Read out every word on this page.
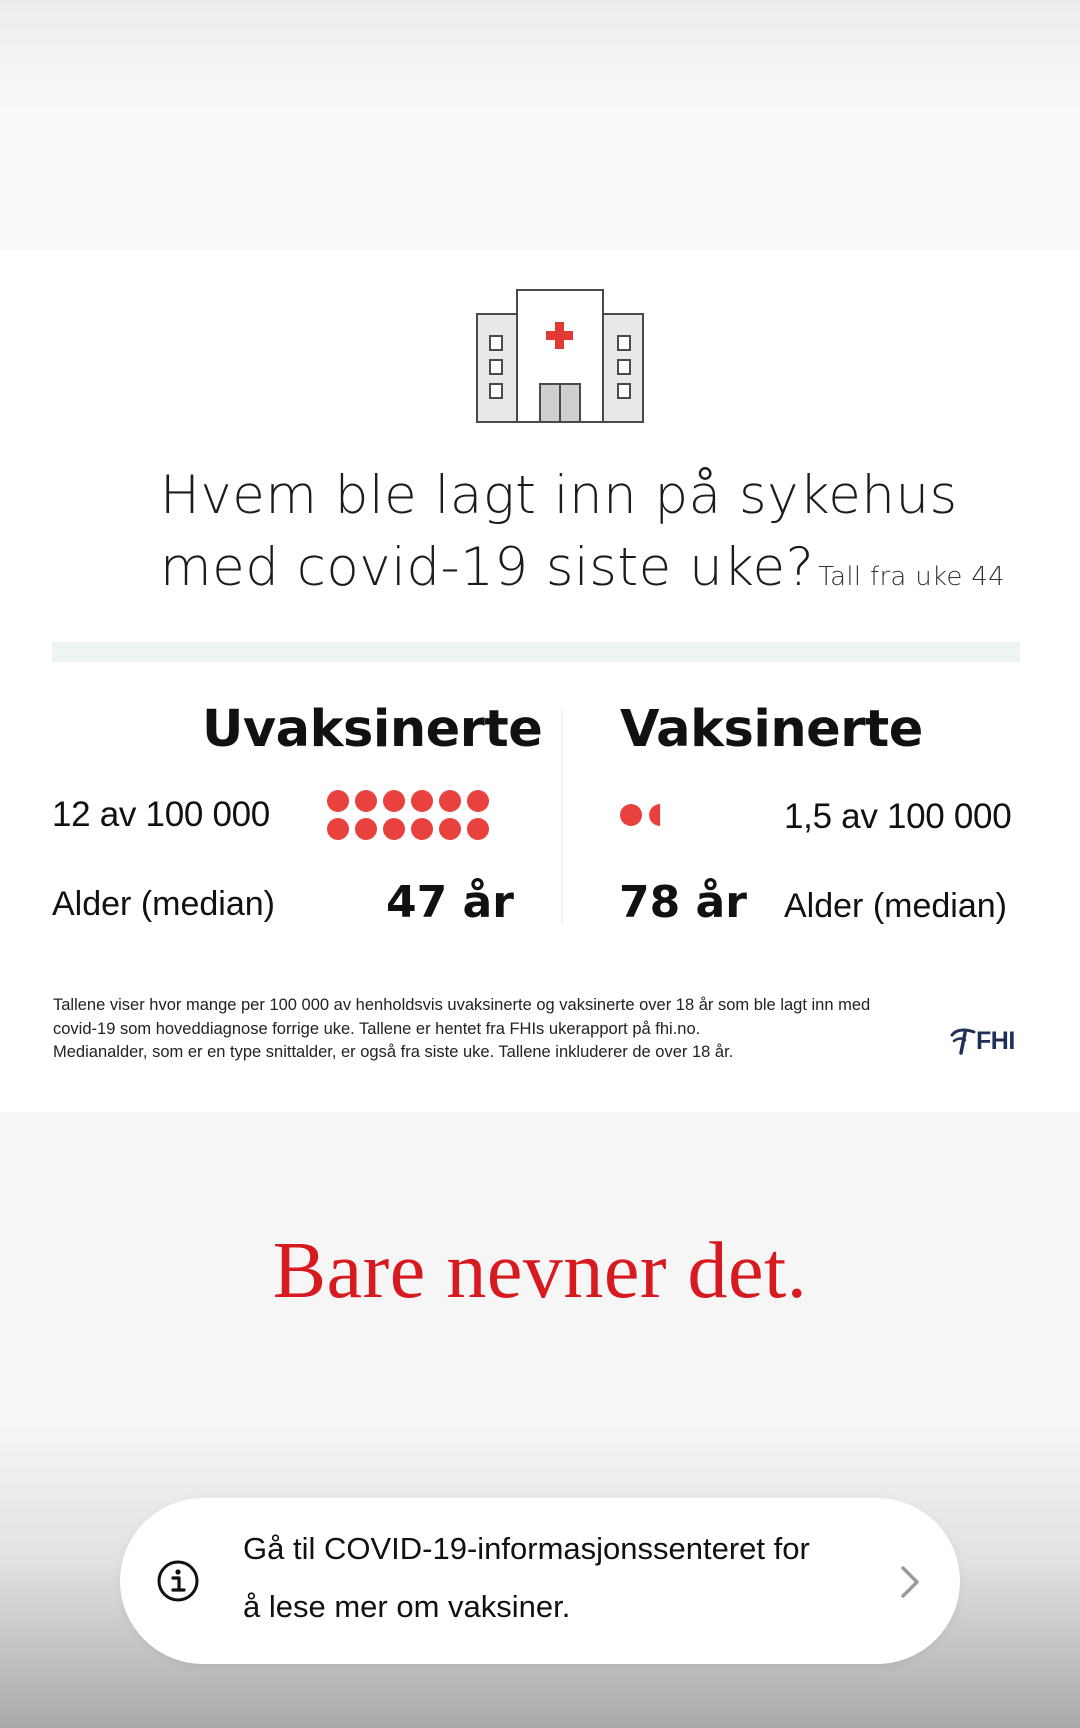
Hvem ble lagt inn på sykehus
med covid-19 siste uke? Tall fra uke 44
Uvaksinerte
12 av 100 000
Alder (median)	47 år
Vaksinerte
1,5 av 100 000
78 år Alder (median)
Tallene viser hvor mange per 100 000 av henholdsvis uvaksinerte og vaksinerte over 18 år som ble lagt inn med
covid-19 som hoveddiagnose forrige uke. Tallene er hentet fra FHIs ukerapport på fhi.no.
Medianalder, som er en type snittalder, er også fra siste uke. Tallene inkluderer de over 18 år.	FHI
Bare nevner det.
Gå til COVID-19-informasjonssenteret for
å lese mer om vaksiner.
